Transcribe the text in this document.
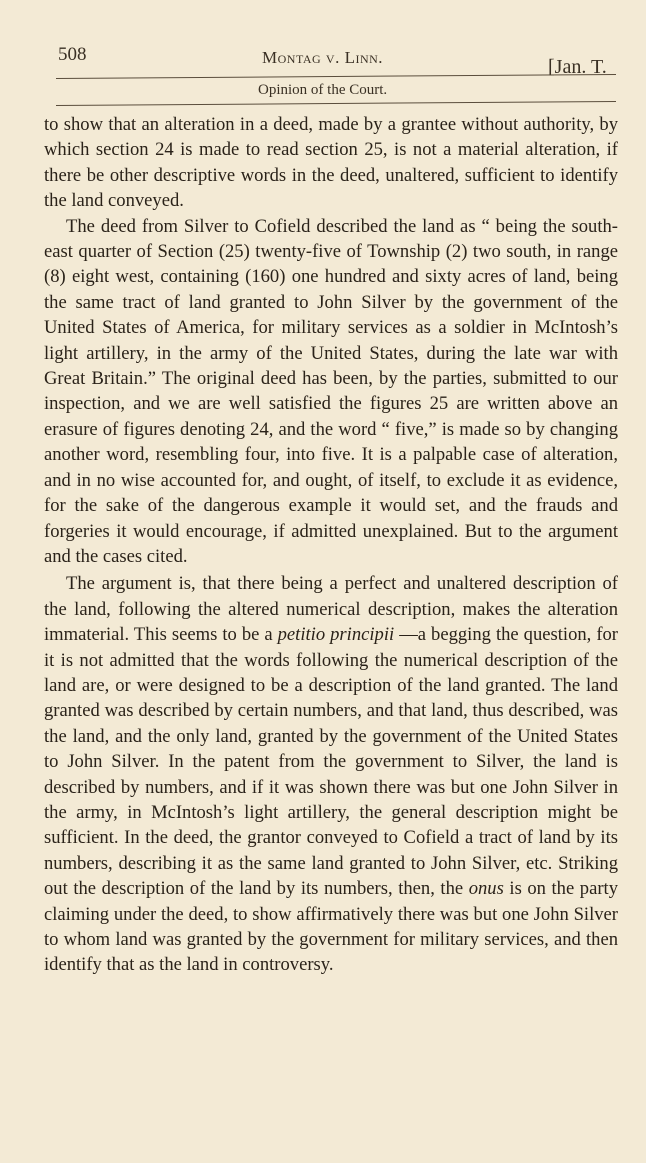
508	Montag v. Linn.	[Jan. T.
Opinion of the Court.

to show that an alteration in a deed, made by a grantee without authority, by which section 24 is made to read section 25, is not a material alteration, if there be other descriptive words in the deed, unaltered, sufficient to identify the land conveyed.

The deed from Silver to Cofield described the land as “ being the south-east quarter of Section (25) twenty-five of Township (2) two south, in range (8) eight west, containing (160) one hundred and sixty acres of land, being the same tract of land granted to John Silver by the government of the United States of America, for military services as a soldier in McIntosh’s light artillery, in the army of the United States, during the late war with Great Britain.” The original deed has been, by the parties, submitted to our inspection, and we are well satisfied the figures 25 are written above an erasure of figures denoting 24, and the word “ five,” is made so by changing another word, resembling four, into five. It is a palpable case of alteration, and in no wise accounted for, and ought, of itself, to exclude it as evidence, for the sake of the dangerous example it would set, and the frauds and forgeries it would encourage, if admitted unexplained. But to the argument and the cases cited.

The argument is, that there being a perfect and unaltered description of the land, following the altered numerical description, makes the alteration immaterial. This seems to be a petitio principii —a begging the question, for it is not admitted that the words following the numerical description of the land are, or were designed to be a description of the land granted. The land granted was described by certain numbers, and that land, thus described, was the land, and the only land, granted by the government of the United States to John Silver. In the patent from the government to Silver, the land is described by numbers, and if it was shown there was but one John Silver in the army, in McIntosh’s light artillery, the general description might be sufficient. In the deed, the grantor conveyed to Cofield a tract of land by its numbers, describing it as the same land granted to John Silver, etc. Striking out the description of the land by its numbers, then, the onus is on the party claiming under the deed, to show affirmatively there was but one John Silver to whom land was granted by the government for military services, and then identify that as the land in controversy.
